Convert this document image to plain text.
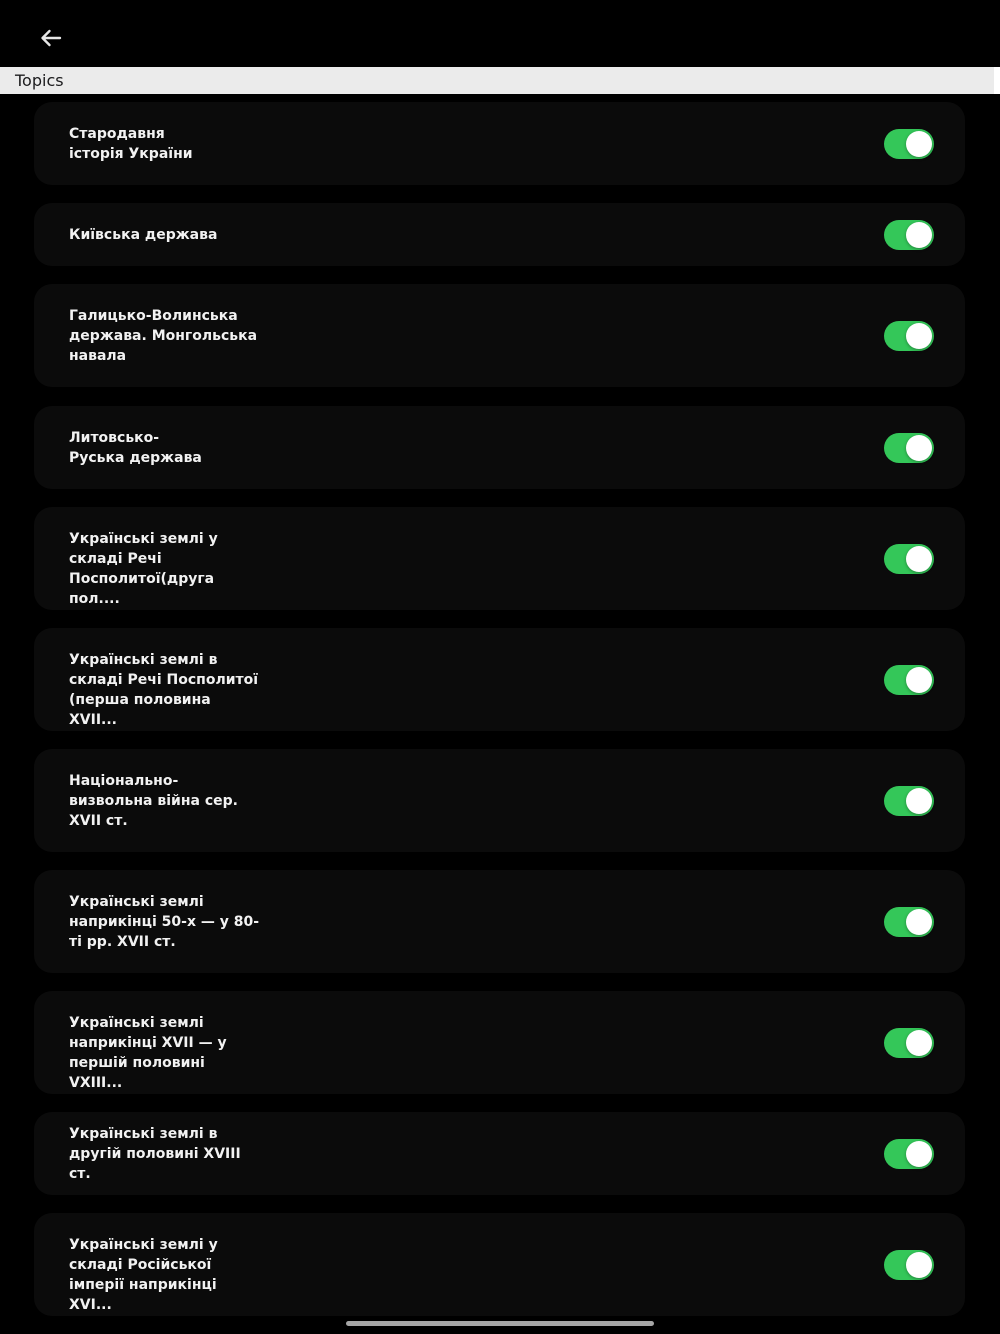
Topics
Стародавня
історія України
Київська держава
Галицько-Волинська
держава. Монгольська
навала
Литовсько-
Руська держава
Українські землі у
складі Речі
Посполитої(друга пол....
Українські землі в
складі Речі Посполитої
(перша половина XVII...
Національно-
визвольна війна сер.
XVII ст.
Українські землі
наприкінці 50-х — у 80-
ті рр. XVII ст.
Українські землі
наприкінці XVII — у
першій половині VXIII...
Українські землі в
другій половині XVIII ст.
Українські землі у
складі Російської
імперії наприкінці XVI...
